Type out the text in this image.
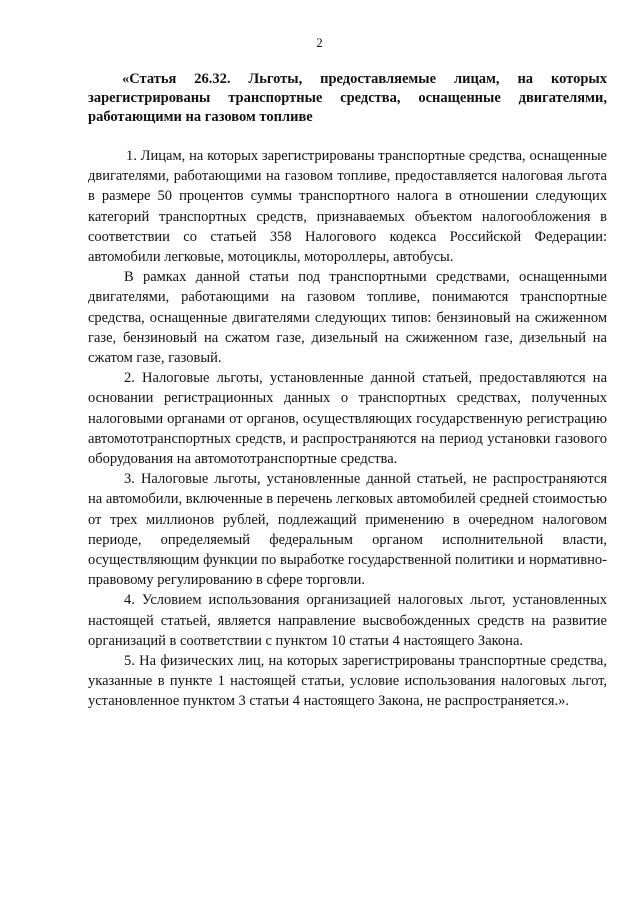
2

«Статья 26.32. Льготы, предоставляемые лицам, на которых зарегистрированы транспортные средства, оснащенные двигателями, работающими на газовом топливе

1. Лицам, на которых зарегистрированы транспортные средства, оснащенные двигателями, работающими на газовом топливе, предоставляется налоговая льгота в размере 50 процентов суммы транспортного налога в отношении следующих категорий транспортных средств, признаваемых объектом налогообложения в соответствии со статьей 358 Налогового кодекса Российской Федерации: автомобили легковые, мотоциклы, мотороллеры, автобусы.

В рамках данной статьи под транспортными средствами, оснащенными двигателями, работающими на газовом топливе, понимаются транспортные средства, оснащенные двигателями следующих типов: бензиновый на сжиженном газе, бензиновый на сжатом газе, дизельный на сжиженном газе, дизельный на сжатом газе, газовый.

2. Налоговые льготы, установленные данной статьей, предоставляются на основании регистрационных данных о транспортных средствах, полученных налоговыми органами от органов, осуществляющих государственную регистрацию автомототранспортных средств, и распространяются на период установки газового оборудования на автомототранспортные средства.

3. Налоговые льготы, установленные данной статьей, не распространяются на автомобили, включенные в перечень легковых автомобилей средней стоимостью от трех миллионов рублей, подлежащий применению в очередном налоговом периоде, определяемый федеральным органом исполнительной власти, осуществляющим функции по выработке государственной политики и нормативно-правовому регулированию в сфере торговли.

4. Условием использования организацией налоговых льгот, установленных настоящей статьей, является направление высвобожденных средств на развитие организаций в соответствии с пунктом 10 статьи 4 настоящего Закона.

5. На физических лиц, на которых зарегистрированы транспортные средства, указанные в пункте 1 настоящей статьи, условие использования налоговых льгот, установленное пунктом 3 статьи 4 настоящего Закона, не распространяется.».
